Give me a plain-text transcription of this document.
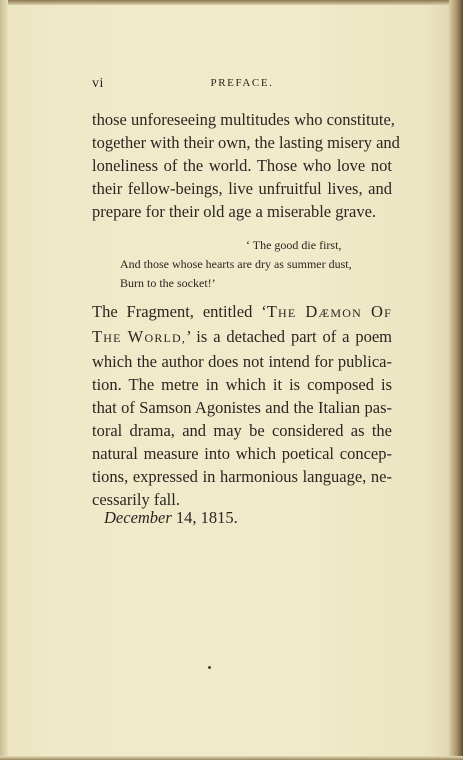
vi	PREFACE.
those unforeseeing multitudes who constitute,
together with their own, the lasting misery and
loneliness of the world. Those who love not
their fellow-beings, live unfruitful lives, and
prepare for their old age a miserable grave.
‘ The good die first,
And those whose hearts are dry as summer dust,
Burn to the socket!’
The Fragment, entitled ‘THE DÆMON OF
THE WORLD,’ is a detached part of a poem
which the author does not intend for publica-
tion. The metre in which it is composed is
that of Samson Agonistes and the Italian pas-
toral drama, and may be considered as the
natural measure into which poetical concep-
tions, expressed in harmonious language, ne-
cessarily fall.
December 14, 1815.
